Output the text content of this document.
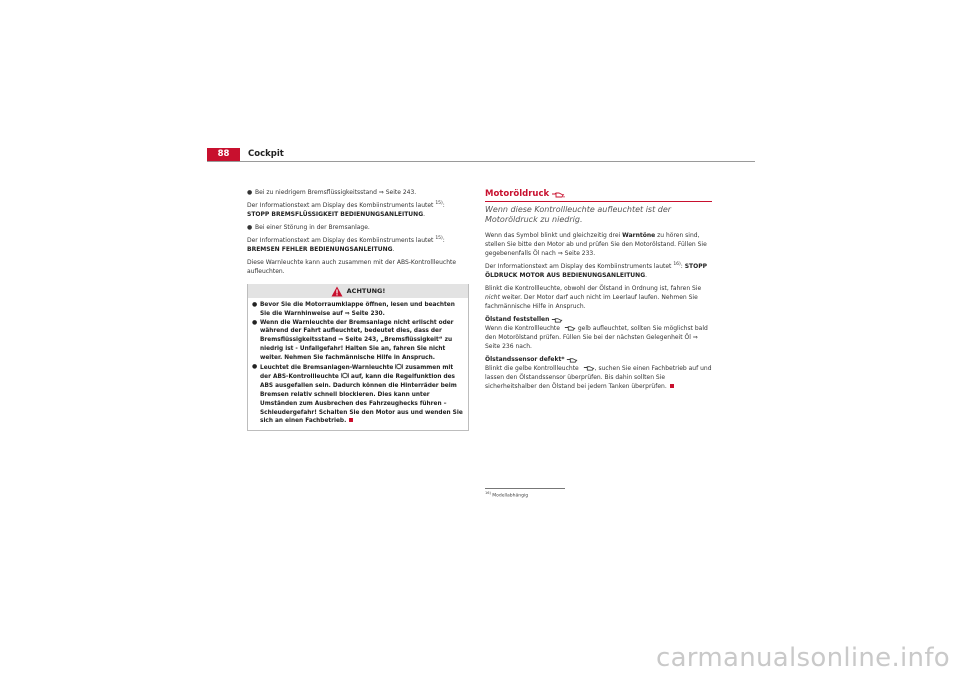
88	Cockpit

● Bei zu niedrigem Bremsflüssigkeitsstand ⇒ Seite 243.

Der Informationstext am Display des Kombiinstruments lautet $^{15)}$: STOPP BREMSFLÜSSIGKEIT BEDIENUNGSANLEITUNG.

● Bei einer Störung in der Bremsanlage.

Der Informationstext am Display des Kombiinstruments lautet $^{15)}$: BREMSEN FEHLER BEDIENUNGSANLEITUNG.

Diese Warnleuchte kann auch zusammen mit der ABS-Kontrollleuchte aufleuchten.

ACHTUNG!
● Bevor Sie die Motorraumklappe öffnen, lesen und beachten Sie die Warnhinweise auf ⇒ Seite 230.
● Wenn die Warnleuchte der Bremsanlage nicht erlischt oder während der Fahrt aufleuchtet, bedeutet dies, dass der Bremsflüssigkeitsstand ⇒ Seite 243, „Bremsflüssigkeit“ zu niedrig ist - Unfallgefahr! Halten Sie an, fahren Sie nicht weiter. Nehmen Sie fachmännische Hilfe in Anspruch.
● Leuchtet die Bremsanlagen-Warnleuchte zusammen mit der ABS-Kontrollleuchte auf, kann die Regelfunktion des ABS ausgefallen sein. Dadurch können die Hinterräder beim Bremsen relativ schnell blockieren. Dies kann unter Umständen zum Ausbrechen des Fahrzeughecks führen – Schleudergefahr! Schalten Sie den Motor aus und wenden Sie sich an einen Fachbetrieb.
Motoröldruck
Wenn diese Kontrollleuchte aufleuchtet ist der Motoröldruck zu niedrig.

Wenn das Symbol blinkt und gleichzeitig drei Warntöne zu hören sind, stellen Sie bitte den Motor ab und prüfen Sie den Motorölstand. Füllen Sie gegebenenfalls Öl nach ⇒ Seite 233.

Der Informationstext am Display des Kombiinstruments lautet $^{16)}$: STOPP ÖLDRUCK MOTOR AUS BEDIENUNGSANLEITUNG.

Blinkt die Kontrollleuchte, obwohl der Ölstand in Ordnung ist, fahren Sie nicht weiter. Der Motor darf auch nicht im Leerlauf laufen. Nehmen Sie fachmännische Hilfe in Anspruch.

Ölstand feststellen

Wenn die Kontrollleuchte	gelb aufleuchtet, sollten Sie möglichst bald den Motorölstand prüfen. Füllen Sie bei der nächsten Gelegenheit Öl ⇒ Seite 236 nach.

Ölstandssensor defekt*

Blinkt die gelbe Kontrollleuchte	, suchen Sie einen Fachbetrieb auf und lassen den Ölstandssensor überprüfen. Bis dahin sollten Sie sicherheitshalber den Ölstand bei jedem Tanken überprüfen.

$^{16)}$ Modellabhängig
carmanualsonline.info
